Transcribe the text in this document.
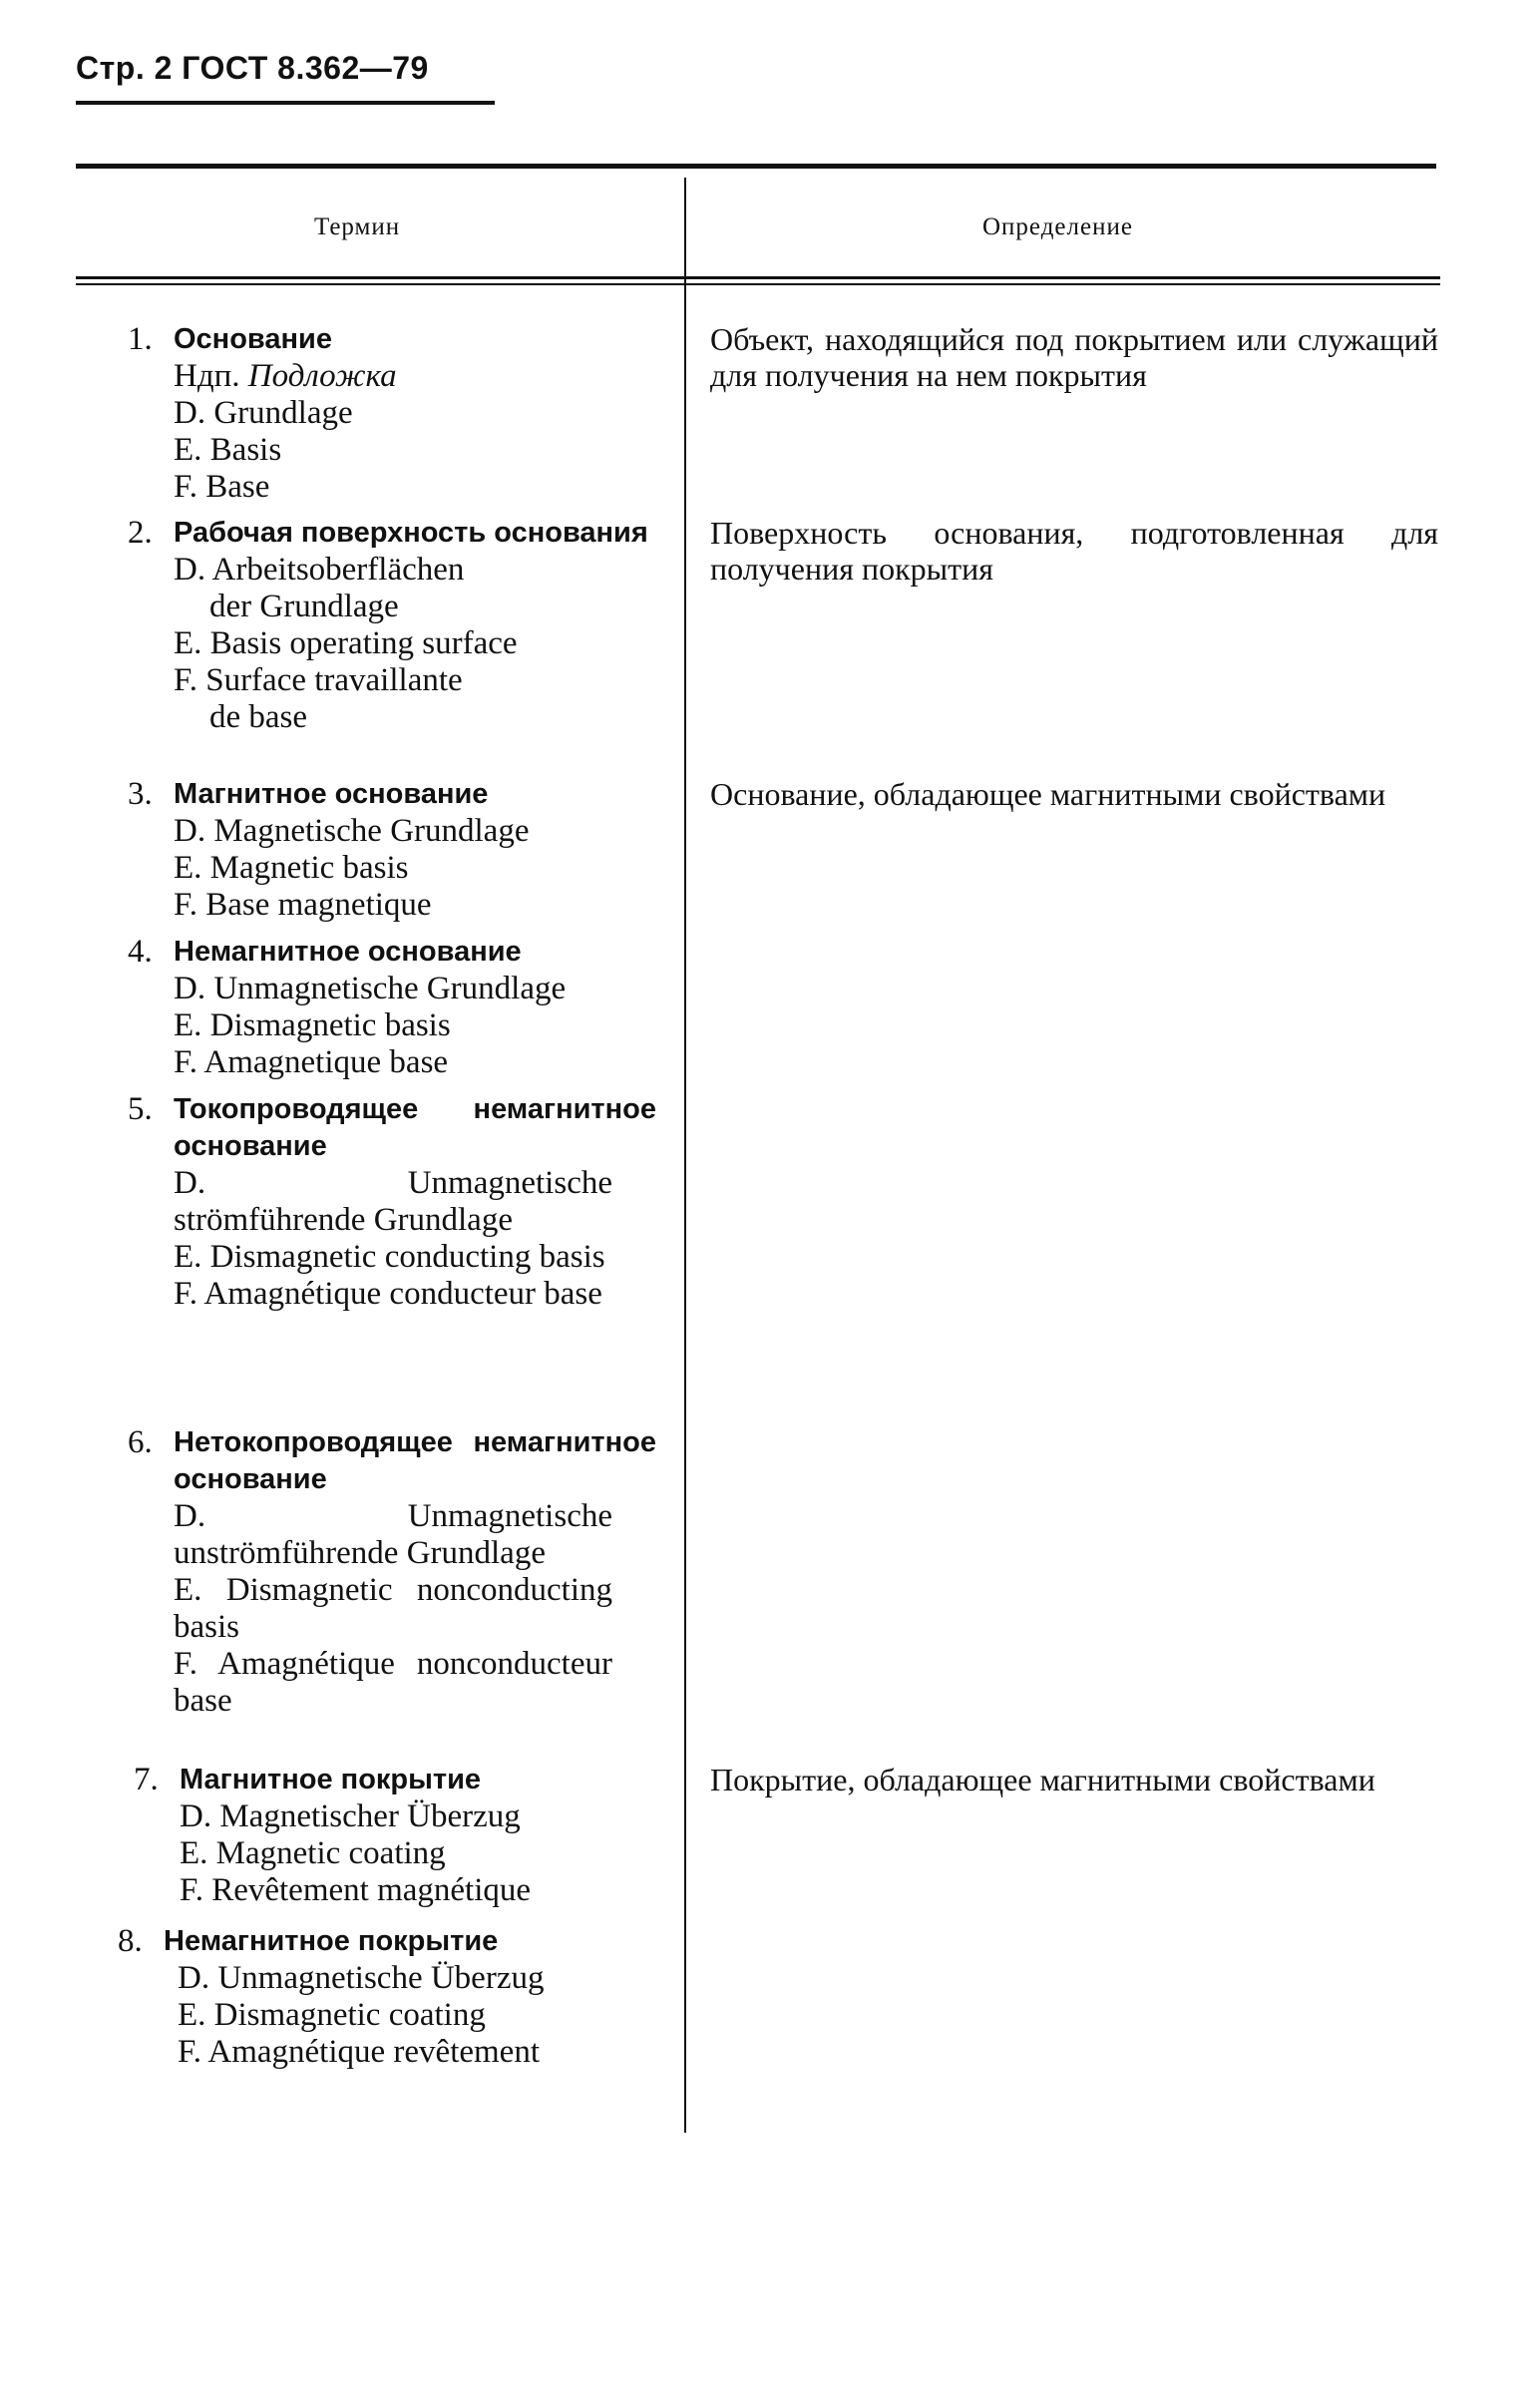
Стр. 2 ГОСТ 8.362—79
Термин	Определение
1. Основание
Ндп. Подложка
D. Grundlage
E. Basis
F. Base
Объект, находящийся под покрытием или служащий для получения на нем покрытия
2. Рабочая поверхность основания
D. Arbeitsoberflächen
der Grundlage
E. Basis operating surface
F. Surface travaillante
de base
Поверхность основания, подготовленная для получения покрытия
3. Магнитное основание
D. Magnetische Grundlage
E. Magnetic basis
F. Base magnetique
Основание, обладающее магнитными свойствами
4. Немагнитное основание
D. Unmagnetische Grundlage
E. Dismagnetic basis
F. Amagnetique base
5. Токопроводящее немагнитное основание
D. Unmagnetische strömführende Grundlage
E. Dismagnetic conducting basis
F. Amagnétique conducteur base
6. Нетокопроводящее немагнитное основание
D. Unmagnetische unströmführende Grundlage
E. Dismagnetic nonconducting basis
F. Amagnétique nonconducteur base
7. Магнитное покрытие
D. Magnetischer Überzug
E. Magnetic coating
F. Revêtement magnétique
Покрытие, обладающее магнитными свойствами
8. Немагнитное покрытие
D. Unmagnetische Überzug
E. Dismagnetic coating
F. Amagnétique revêtement
